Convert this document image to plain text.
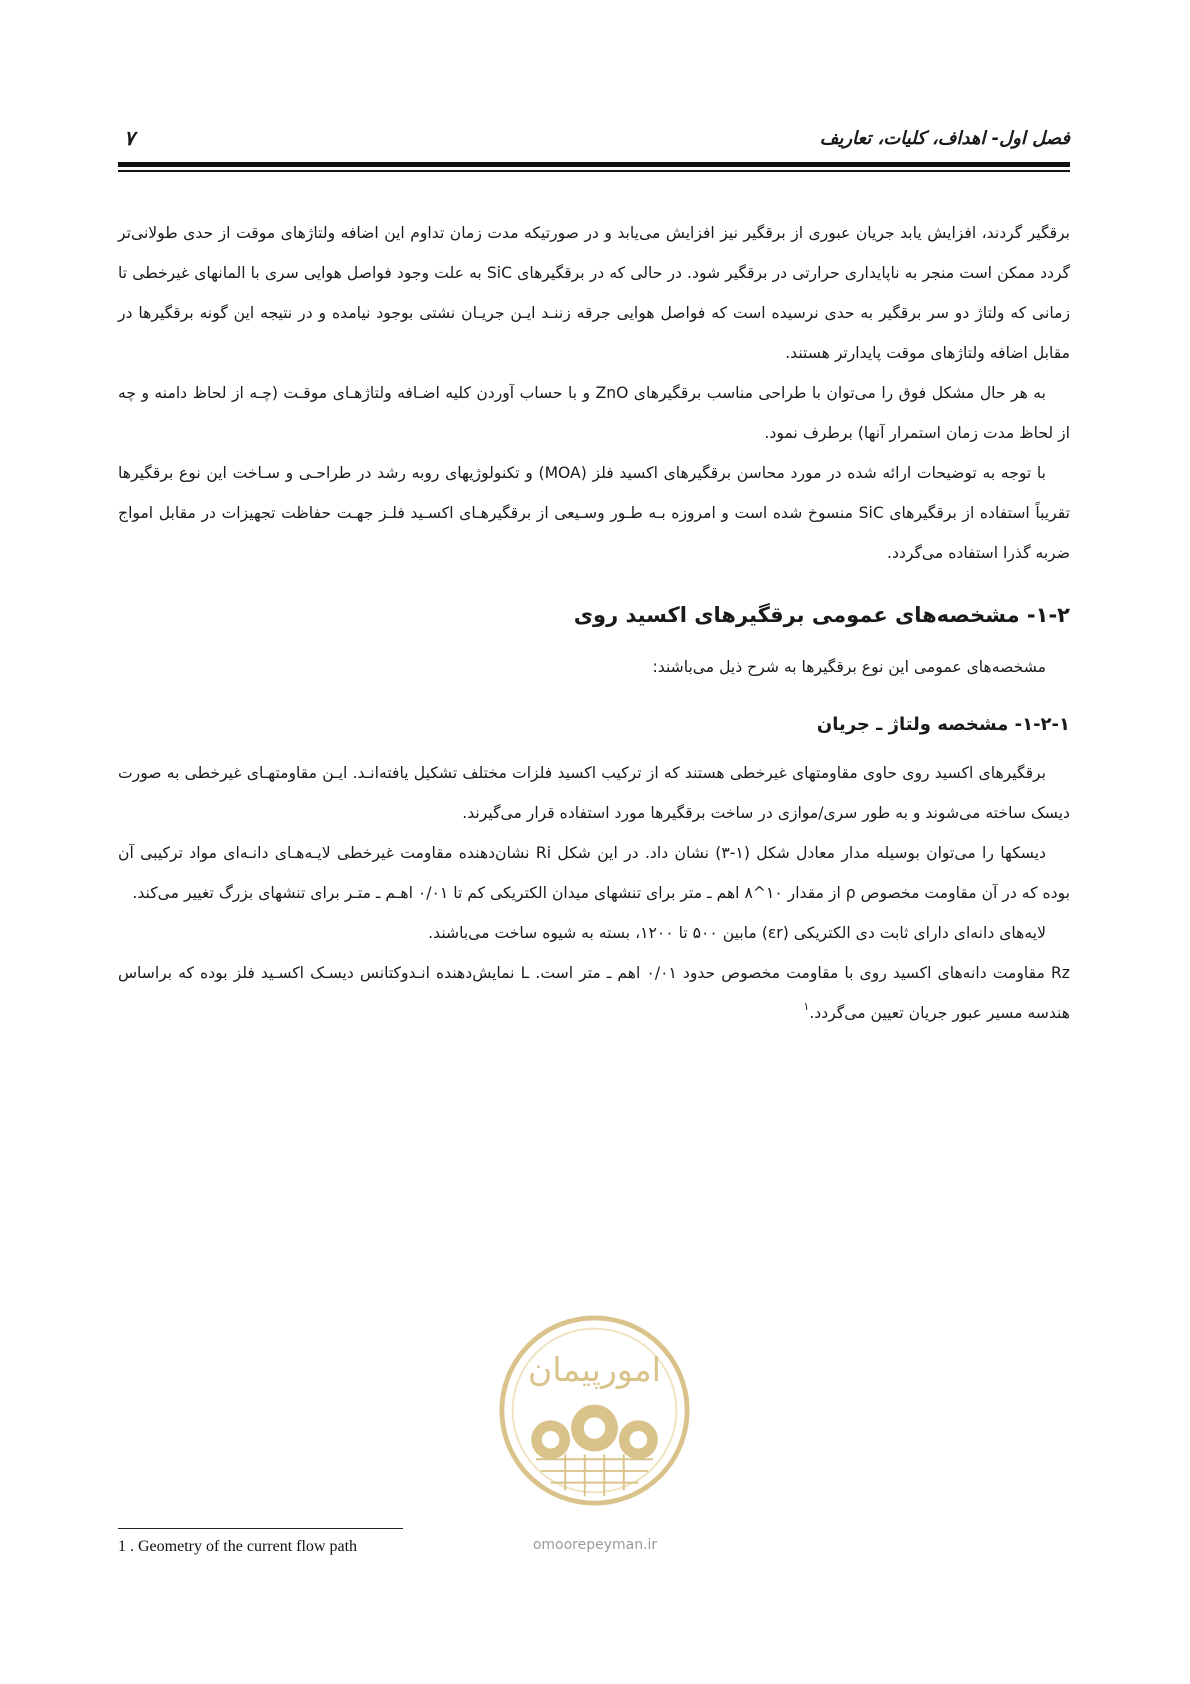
فصل اول- اهداف، کلیات، تعاریف
۷

برقگیر گردند، افزایش یابد جریان عبوری از برقگیر نیز افزایش می‌یابد و در صورتیکه مدت زمان تداوم این اضافه ولتاژهای موقت از حدی طولانی‌تر گردد ممکن است منجر به ناپایداری حرارتی در برقگیر شود. در حالی که در برقگیرهای SiC به علت وجود فواصل هوایی سری با المانهای غیرخطی تا زمانی که ولتاژ دو سر برقگیر به حدی نرسیده است که فواصل هوایی جرقه زننـد ایـن جریـان نشتی بوجود نیامده و در نتیجه این گونه برقگیرها در مقابل اضافه ولتاژهای موقت پایدارتر هستند.

به هر حال مشکل فوق را می‌توان با طراحی مناسب برقگیرهای ZnO و با حساب آوردن کلیه اضـافه ولتاژهـای موقـت (چـه از لحاظ دامنه و چه از لحاظ مدت زمان استمرار آنها) برطرف نمود.

با توجه به توضیحات ارائه شده در مورد محاسن برقگیرهای اکسید فلز (MOA) و تکنولوژیهای روبه رشد در طراحـی و سـاخت این نوع برقگیرها تقریباً استفاده از برقگیرهای SiC منسوخ شده است و امروزه بـه طـور وسـیعی از برقگیرهـای اکسـید فلـز جهـت حفاظت تجهیزات در مقابل امواج ضربه گذرا استفاده می‌گردد.

۱-۲- مشخصه‌های عمومی برقگیرهای اکسید روی

مشخصه‌های عمومی این نوع برقگیرها به شرح ذیل می‌باشند:

۱-۲-۱- مشخصه ولتاژ ـ جریان

برقگیرهای اکسید روی حاوی مقاومتهای غیرخطی هستند که از ترکیب اکسید فلزات مختلف تشکیل یافته‌انـد. ایـن مقاومتهـای غیرخطی به صورت دیسک ساخته می‌شوند و به طور سری/موازی در ساخت برقگیرها مورد استفاده قرار می‌گیرند.

دیسکها را می‌توان بوسیله مدار معادل شکل (۱-۳) نشان داد. در این شکل Ri نشان‌دهنده مقاومت غیرخطی لایـه‌هـای دانـه‌ای مواد ترکیبی آن بوده که در آن مقاومت مخصوص ρ از مقدار ۱۰^۸ اهم ـ متر برای تنشهای میدان الکتریکی کم تا ۰/۰۱ اهـم ـ متـر برای تنشهای بزرگ تغییر می‌کند.

لایه‌های دانه‌ای دارای ثابت دی الکتریکی (εr) مابین ۵۰۰ تا ۱۲۰۰، بسته به شیوه ساخت می‌باشند.

Rz مقاومت دانه‌های اکسید روی با مقاومت مخصوص حدود ۰/۰۱ اهم ـ متر است. L نمایش‌دهنده انـدوکتانس دیسـک اکسـید فلز بوده که براساس هندسه مسیر عبور جریان تعیین می‌گردد.$^۱$

امورپیمان
omoorepeyman.ir
1 . Geometry of the current flow path
